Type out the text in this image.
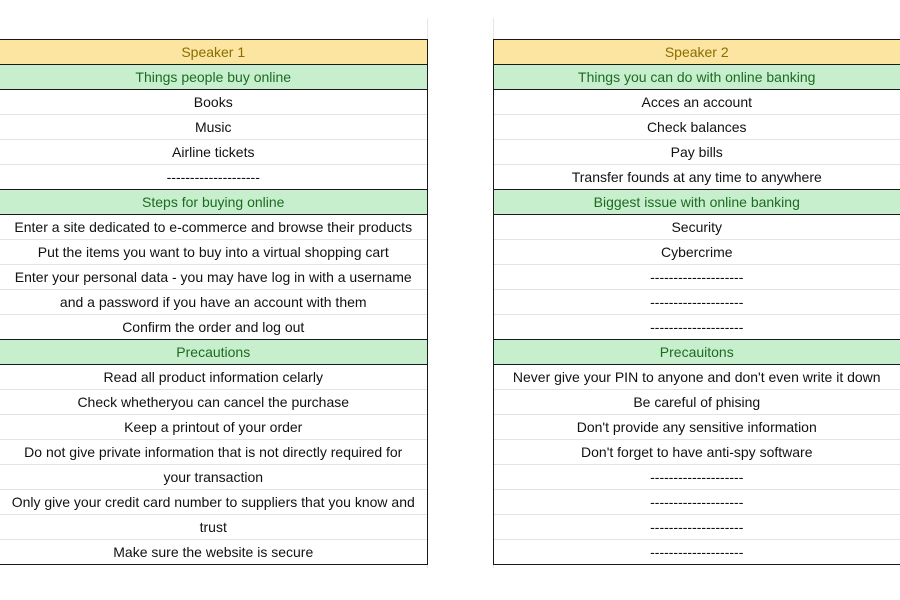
Speaker 1		Speaker 2
Things people buy online		Things you can do with online banking
Books		Acces an account
Music		Check balances
Airline tickets		Pay bills
--------------------		Transfer founds at any time to anywhere
Steps for buying online		Biggest issue with online banking
Enter a site dedicated to e-commerce and browse their products		Security
Put the items you want to buy into a virtual shopping cart		Cybercrime
Enter your personal data - you may have log in with a username		--------------------
and a password if you have an account with them		--------------------
Confirm the order and log out		--------------------
Precautions		Precauitons
Read all product information celarly		Never give your PIN to anyone and don't even write it down
Check whetheryou can cancel the purchase		Be careful of phising
Keep a printout of your order		Don't provide any sensitive information
Do not give private information that is not directly required for		Don't forget to have anti-spy software
your transaction		--------------------
Only give your credit card number to suppliers that you know and		--------------------
trust		--------------------
Make sure the website is secure		--------------------
